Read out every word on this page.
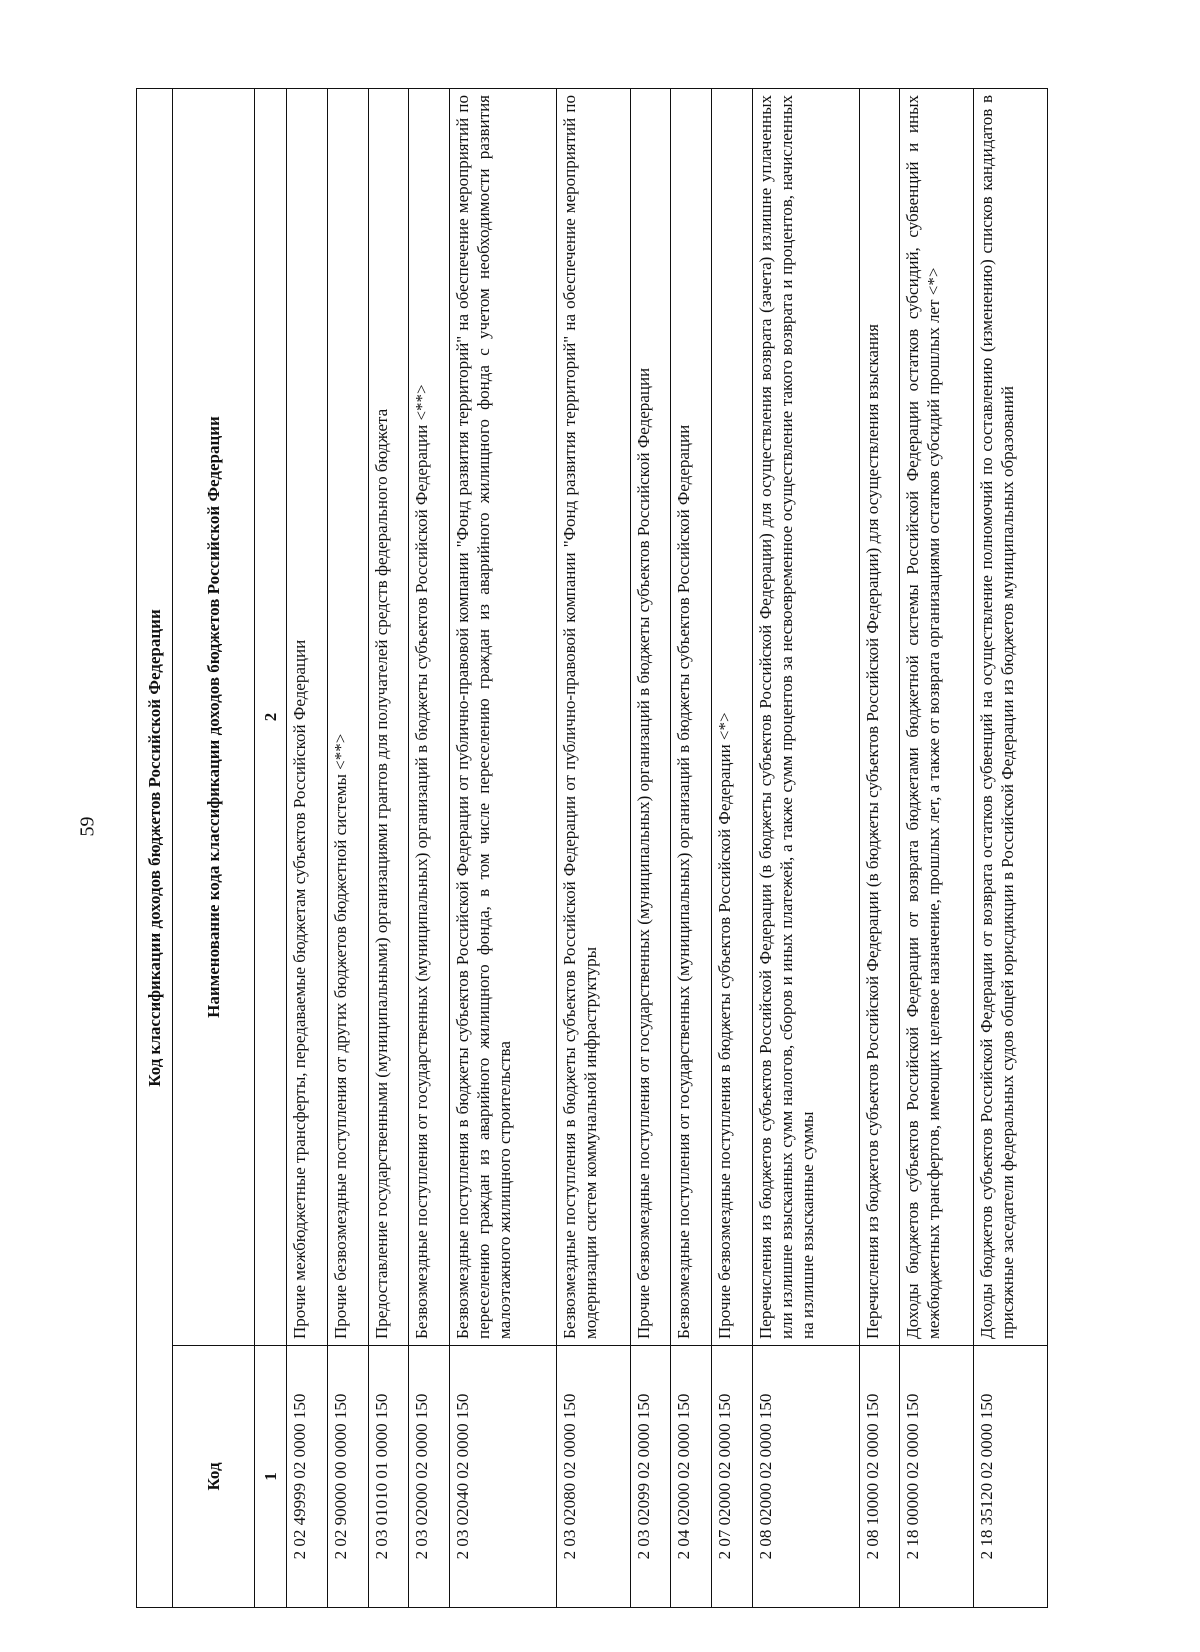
59	Код классификации доходов бюджетов Российской Федерации	
Код	Наименование кода классификации доходов бюджетов Российской Федерации
1	2
2 02 49999 02 0000 150	Прочие межбюджетные трансферты, передаваемые бюджетам субъектов Российской Федерации
2 02 90000 00 0000 150	Прочие безвозмездные поступления от других бюджетов бюджетной системы <**>
2 03 01010 01 0000 150	Предоставление государственными (муниципальными) организациями грантов для получателей средств федерального бюджета
2 03 02000 02 0000 150	Безвозмездные поступления от государственных (муниципальных) организаций в бюджеты субъектов Российской Федерации <**>
2 03 02040 02 0000 150	Безвозмездные поступления в бюджеты субъектов Российской Федерации от публично-правовой компании "Фонд развития территорий" на обеспечение мероприятий по переселению граждан из аварийного жилищного фонда, в том числе переселению граждан из аварийного жилищного фонда с учетом необходимости развития малоэтажного жилищного строительства
2 03 02080 02 0000 150	Безвозмездные поступления в бюджеты субъектов Российской Федерации от публично-правовой компании "Фонд развития территорий" на обеспечение мероприятий по модернизации систем коммунальной инфраструктуры
2 03 02099 02 0000 150	Прочие безвозмездные поступления от государственных (муниципальных) организаций в бюджеты субъектов Российской Федерации
2 04 02000 02 0000 150	Безвозмездные поступления от государственных (муниципальных) организаций в бюджеты субъектов Российской Федерации
2 07 02000 02 0000 150	Прочие безвозмездные поступления в бюджеты субъектов Российской Федерации <*>
2 08 02000 02 0000 150	Перечисления из бюджетов субъектов Российской Федерации (в бюджеты субъектов Российской Федерации) для осуществления возврата (зачета) излишне уплаченных или излишне взысканных сумм налогов, сборов и иных платежей, а также сумм процентов за несвоевременное осуществление такого возврата и процентов, начисленных на излишне взысканные суммы
2 08 10000 02 0000 150	Перечисления из бюджетов субъектов Российской Федерации (в бюджеты субъектов Российской Федерации) для осуществления взыскания
2 18 00000 02 0000 150	Доходы бюджетов субъектов Российской Федерации от возврата бюджетами бюджетной системы Российской Федерации остатков субсидий, субвенций и иных межбюджетных трансфертов, имеющих целевое назначение, прошлых лет, а также от возврата организациями остатков субсидий прошлых лет <*>
2 18 35120 02 0000 150	Доходы бюджетов субъектов Российской Федерации от возврата остатков субвенций на осуществление полномочий по составлению (изменению) списков кандидатов в присяжные заседатели федеральных судов общей юрисдикции в Российской Федерации из бюджетов муниципальных образований
